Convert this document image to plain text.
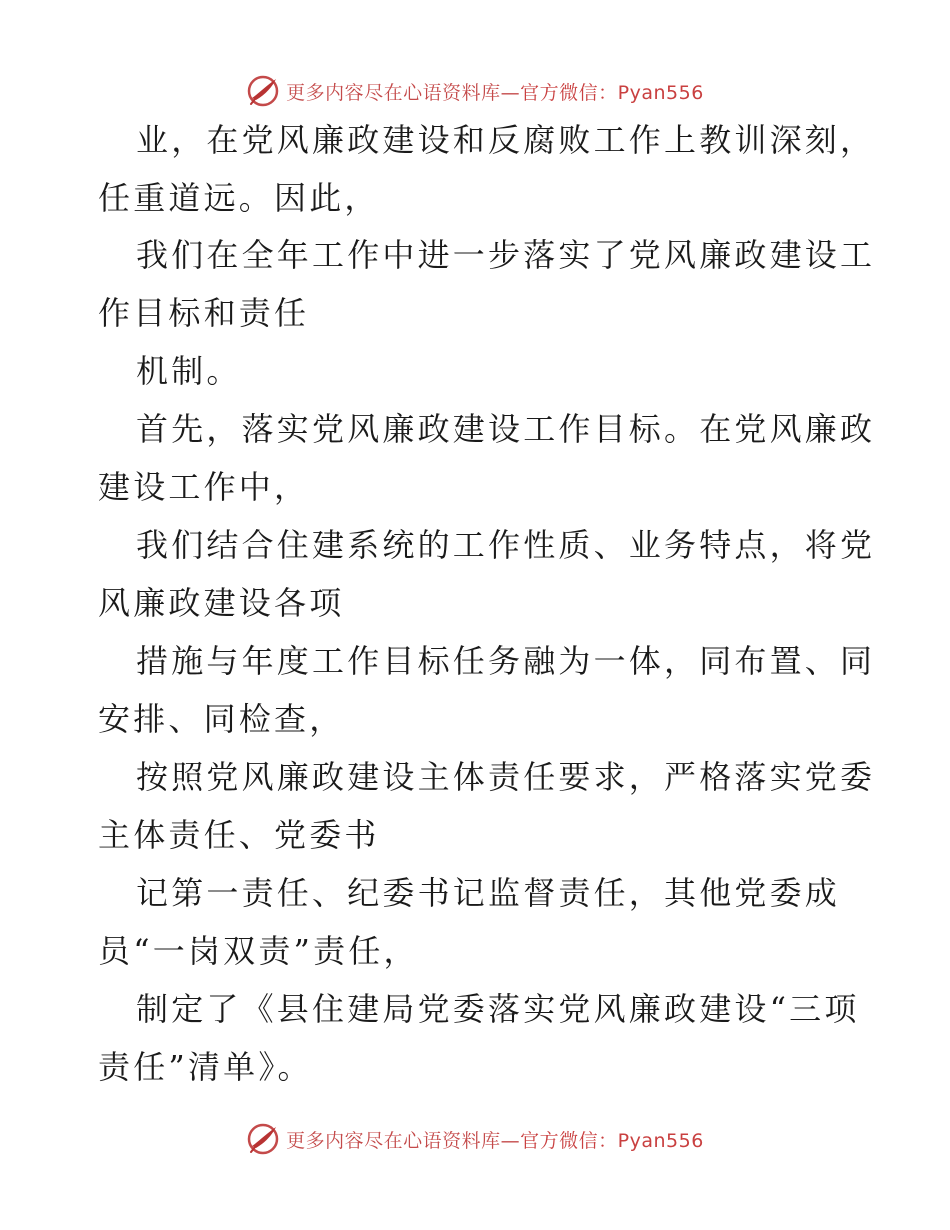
更多内容尽在心语资料库—官方微信：Pyan556
业，在党风廉政建设和反腐败工作上教训深刻，
任重道远。因此，
我们在全年工作中进一步落实了党风廉政建设工
作目标和责任
机制。
首先，落实党风廉政建设工作目标。在党风廉政
建设工作中，
我们结合住建系统的工作性质、业务特点，将党
风廉政建设各项
措施与年度工作目标任务融为一体，同布置、同
安排、同检查，
按照党风廉政建设主体责任要求，严格落实党委
主体责任、党委书
记第一责任、纪委书记监督责任，其他党委成
员“一岗双责”责任，
制定了《县住建局党委落实党风廉政建设“三项
责任”清单》。
更多内容尽在心语资料库—官方微信：Pyan556
